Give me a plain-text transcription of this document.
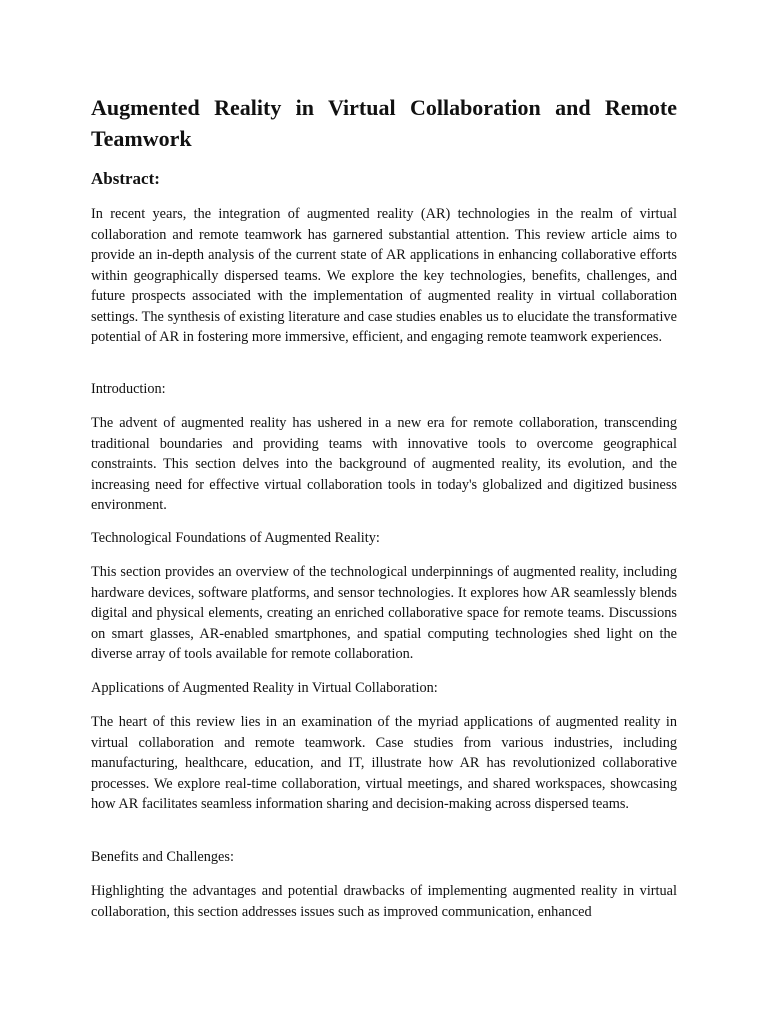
Augmented Reality in Virtual Collaboration and Remote Teamwork
Abstract:

In recent years, the integration of augmented reality (AR) technologies in the realm of virtual collaboration and remote teamwork has garnered substantial attention. This review article aims to provide an in-depth analysis of the current state of AR applications in enhancing collaborative efforts within geographically dispersed teams. We explore the key technologies, benefits, challenges, and future prospects associated with the implementation of augmented reality in virtual collaboration settings. The synthesis of existing literature and case studies enables us to elucidate the transformative potential of AR in fostering more immersive, efficient, and engaging remote teamwork experiences.

Introduction:

The advent of augmented reality has ushered in a new era for remote collaboration, transcending traditional boundaries and providing teams with innovative tools to overcome geographical constraints. This section delves into the background of augmented reality, its evolution, and the increasing need for effective virtual collaboration tools in today's globalized and digitized business environment.

Technological Foundations of Augmented Reality:

This section provides an overview of the technological underpinnings of augmented reality, including hardware devices, software platforms, and sensor technologies. It explores how AR seamlessly blends digital and physical elements, creating an enriched collaborative space for remote teams. Discussions on smart glasses, AR-enabled smartphones, and spatial computing technologies shed light on the diverse array of tools available for remote collaboration.

Applications of Augmented Reality in Virtual Collaboration:

The heart of this review lies in an examination of the myriad applications of augmented reality in virtual collaboration and remote teamwork. Case studies from various industries, including manufacturing, healthcare, education, and IT, illustrate how AR has revolutionized collaborative processes. We explore real-time collaboration, virtual meetings, and shared workspaces, showcasing how AR facilitates seamless information sharing and decision-making across dispersed teams.

Benefits and Challenges:

Highlighting the advantages and potential drawbacks of implementing augmented reality in virtual collaboration, this section addresses issues such as improved communication, enhanced
